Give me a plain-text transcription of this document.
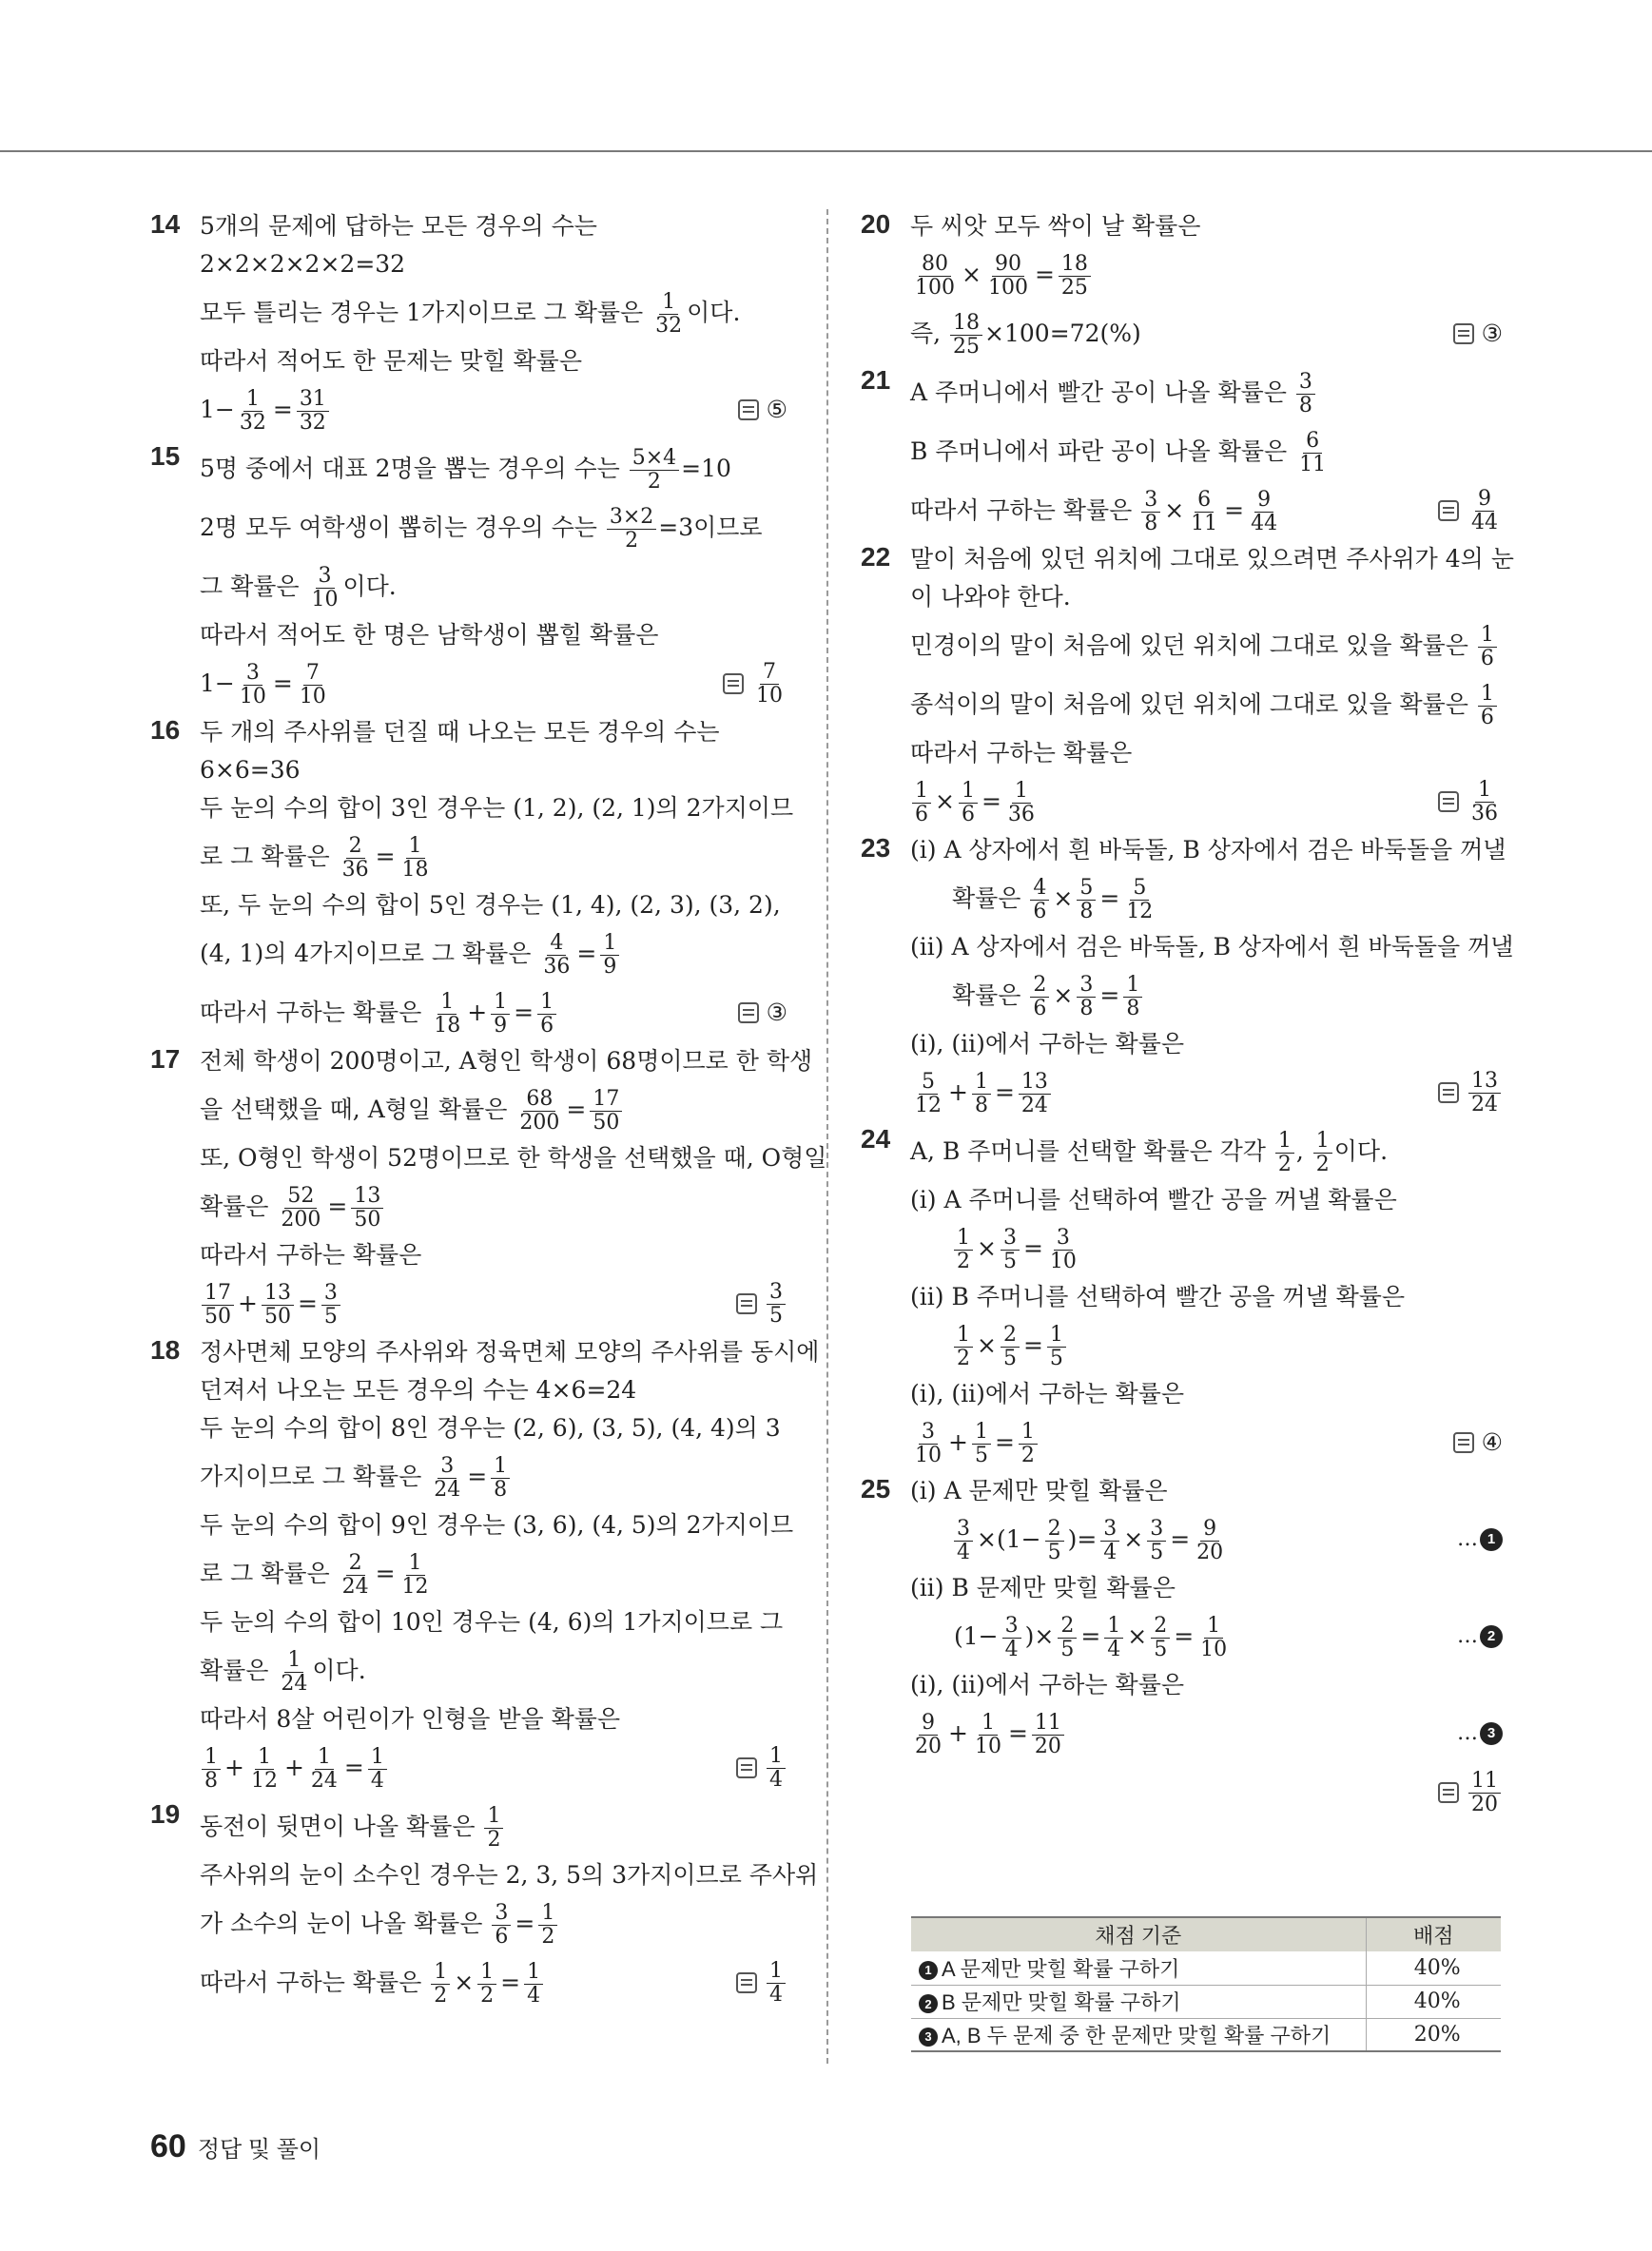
14 5개의 문제에 답하는 모든 경우의 수는
2×2×2×2×2=32
모두 틀리는 경우는 1가지이므로 그 확률은 $\frac{1}{32}$ 이다.
따라서 적어도 한 문제는 맞힐 확률은
$1- \frac{1}{32} = \frac{31}{32}$	⑤
15 5명 중에서 대표 2명을 뽑는 경우의 수는 $\frac{5\times 4}{2} =10$
2명 모두 여학생이 뽑히는 경우의 수는 $\frac{3\times 2}{2} =3$이므로
그 확률은 $\frac{3}{10}$ 이다.
따라서 적어도 한 명은 남학생이 뽑힐 확률은
$1- \frac{3}{10} = \frac{7}{10}$	$\frac{7}{10}$
16 두 개의 주사위를 던질 때 나오는 모든 경우의 수는
6×6=36
두 눈의 수의 합이 3인 경우는 (1, 2), (2, 1)의 2가지이므
로 그 확률은 $\frac{2}{36} = \frac{1}{18}$
또, 두 눈의 수의 합이 5인 경우는 (1, 4), (2, 3), (3, 2),
(4, 1)의 4가지이므로 그 확률은 $\frac{4}{36} = \frac{1}{9}$
따라서 구하는 확률은 $\frac{1}{18} + \frac{1}{9} = \frac{1}{6}$	③
17 전체 학생이 200명이고, A형인 학생이 68명이므로 한 학생
을 선택했을 때, A형일 확률은 $\frac{68}{200} = \frac{17}{50}$
또, O형인 학생이 52명이므로 한 학생을 선택했을 때, O형일
확률은 $\frac{52}{200} = \frac{13}{50}$
따라서 구하는 확률은
$\frac{17}{50} + \frac{13}{50} = \frac{3}{5}$	$\frac{3}{5}$
18 정사면체 모양의 주사위와 정육면체 모양의 주사위를 동시에
던져서 나오는 모든 경우의 수는 4×6=24
두 눈의 수의 합이 8인 경우는 (2, 6), (3, 5), (4, 4)의 3
가지이므로 그 확률은 $\frac{3}{24} = \frac{1}{8}$
두 눈의 수의 합이 9인 경우는 (3, 6), (4, 5)의 2가지이므
로 그 확률은 $\frac{2}{24} = \frac{1}{12}$
두 눈의 수의 합이 10인 경우는 (4, 6)의 1가지이므로 그
확률은 $\frac{1}{24}$ 이다.
따라서 8살 어린이가 인형을 받을 확률은
$\frac{1}{8} + \frac{1}{12} + \frac{1}{24} = \frac{1}{4}$	$\frac{1}{4}$
19 동전이 뒷면이 나올 확률은 $\frac{1}{2}$
주사위의 눈이 소수인 경우는 2, 3, 5의 3가지이므로 주사위
가 소수의 눈이 나올 확률은 $\frac{3}{6} = \frac{1}{2}$
따라서 구하는 확률은 $\frac{1}{2} \times \frac{1}{2} = \frac{1}{4}$	$\frac{1}{4}$
20 두 씨앗 모두 싹이 날 확률은
$\frac{80}{100} \times \frac{90}{100} = \frac{18}{25}$
즉, $\frac{18}{25} \times 100=72(\%)$	③
21 A 주머니에서 빨간 공이 나올 확률은 $\frac{3}{8}$
B 주머니에서 파란 공이 나올 확률은 $\frac{6}{11}$
따라서 구하는 확률은 $\frac{3}{8} \times \frac{6}{11} = \frac{9}{44}$	$\frac{9}{44}$
22 말이 처음에 있던 위치에 그대로 있으려면 주사위가 4의 눈
이 나와야 한다.
민경이의 말이 처음에 있던 위치에 그대로 있을 확률은 $\frac{1}{6}$
종석이의 말이 처음에 있던 위치에 그대로 있을 확률은 $\frac{1}{6}$
따라서 구하는 확률은
$\frac{1}{6} \times \frac{1}{6} = \frac{1}{36}$	$\frac{1}{36}$
23 (ⅰ) A 상자에서 흰 바둑돌, B 상자에서 검은 바둑돌을 꺼낼
확률은 $\frac{4}{6} \times \frac{5}{8} = \frac{5}{12}$
(ⅱ) A 상자에서 검은 바둑돌, B 상자에서 흰 바둑돌을 꺼낼
확률은 $\frac{2}{6} \times \frac{3}{8} = \frac{1}{8}$
(ⅰ), (ⅱ)에서 구하는 확률은
$\frac{5}{12} + \frac{1}{8} = \frac{13}{24}$	$\frac{13}{24}$
24 A, B 주머니를 선택할 확률은 각각 $\frac{1}{2}$ , $\frac{1}{2}$ 이다.
(ⅰ) A 주머니를 선택하여 빨간 공을 꺼낼 확률은
$\frac{1}{2} \times \frac{3}{5} = \frac{3}{10}$
(ⅱ) B 주머니를 선택하여 빨간 공을 꺼낼 확률은
$\frac{1}{2} \times \frac{2}{5} = \frac{1}{5}$
(ⅰ), (ⅱ)에서 구하는 확률은
$\frac{3}{10} + \frac{1}{5} = \frac{1}{2}$	④
25 (ⅰ) A 문제만 맞힐 확률은
$\frac{3}{4} \times(1- \frac{2}{5}$ )= $\frac{3}{4} \times \frac{3}{5} = \frac{9}{20}$	… 1
(ⅱ) B 문제만 맞힐 확률은
($1- \frac{3}{4}$ )× $\frac{2}{5} = \frac{1}{4} \times \frac{2}{5} = \frac{1}{10}$	… 2
(ⅰ), (ⅱ)에서 구하는 확률은
$\frac{9}{20} + \frac{1}{10} = \frac{11}{20}$	… 3
$\frac{11}{20}$
채점 기준	배점
1 A 문제만 맞힐 확률 구하기	40%
2 B 문제만 맞힐 확률 구하기	40%
3 A, B 두 문제 중 한 문제만 맞힐 확률 구하기	20%
60 정답 및 풀이
